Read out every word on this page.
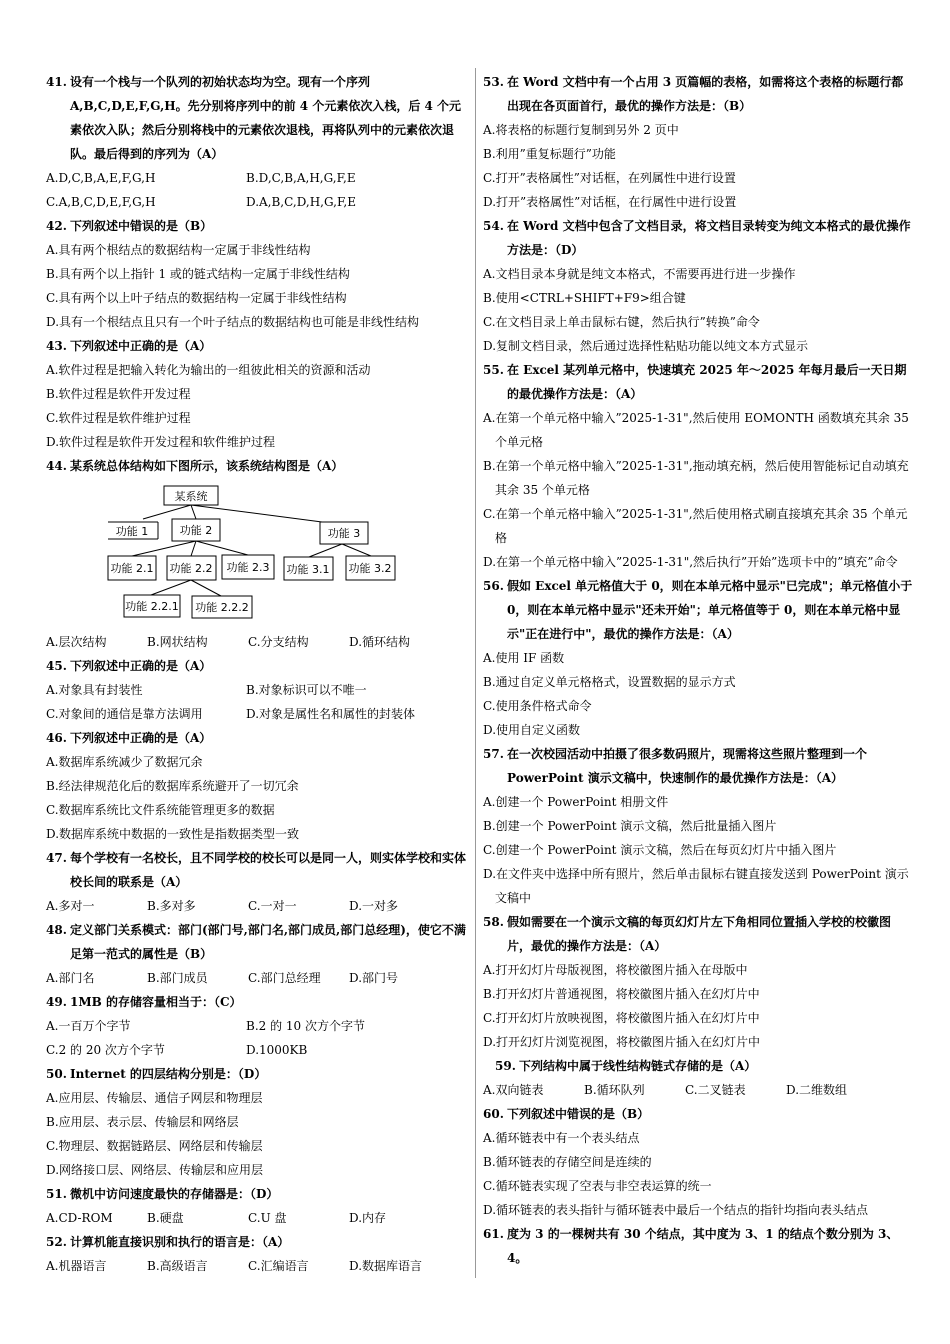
41. 设有一个栈与一个队列的初始状态均为空。现有一个序列 A,B,C,D,E,F,G,H。先分别将序列中的前 4 个元素依次入栈，后 4 个元素依次入队；然后分别将栈中的元素依次退栈，再将队列中的元素依次退队。最后得到的序列为（A）
A.D,C,B,A,E,F,G,H	B.D,C,B,A,H,G,F,E
C.A,B,C,D,E,F,G,H	D.A,B,C,D,H,G,F,E
42. 下列叙述中错误的是（B）
A.具有两个根结点的数据结构一定属于非线性结构
B.具有两个以上指针 1 或的链式结构一定属于非线性结构
C.具有两个以上叶子结点的数据结构一定属于非线性结构
D.具有一个根结点且只有一个叶子结点的数据结构也可能是非线性结构
43. 下列叙述中正确的是（A）
A.软件过程是把输入转化为输出的一组彼此相关的资源和活动
B.软件过程是软件开发过程
C.软件过程是软件维护过程
D.软件过程是软件开发过程和软件维护过程
44. 某系统总体结构如下图所示，该系统结构图是（A）
某系统
功能 1	功能 2	功能 3
功能 2.1 功能 2.2 功能 2.3 功能 3.1 功能 3.2
功能 2.2.1 功能 2.2.2
A.层次结构	B.网状结构	C.分支结构	D.循环结构
45. 下列叙述中正确的是（A）
A.对象具有封装性	B.对象标识可以不唯一
C.对象间的通信是靠方法调用	D.对象是属性名和属性的封装体
46. 下列叙述中正确的是（A）
A.数据库系统减少了数据冗余
B.经法律规范化后的数据库系统避开了一切冗余
C.数据库系统比文件系统能管理更多的数据
D.数据库系统中数据的一致性是指数据类型一致
47. 每个学校有一名校长，且不同学校的校长可以是同一人，则实体学校和实体校长间的联系是（A）
A.多对一	B.多对多	C.一对一	D.一对多
48. 定义部门关系模式：部门(部门号,部门名,部门成员,部门总经理)，使它不满足第一范式的属性是（B）
A.部门名	B.部门成员	C.部门总经理	D.部门号
49. 1MB 的存储容量相当于：（C）
A.一百万个字节	B.2 的 10 次方个字节
C.2 的 20 次方个字节	D.1000KB
50. Internet 的四层结构分别是：（D）
A.应用层、传输层、通信子网层和物理层
B.应用层、表示层、传输层和网络层
C.物理层、数据链路层、网络层和传输层
D.网络接口层、网络层、传输层和应用层
51. 微机中访问速度最快的存储器是：（D）
A.CD-ROM	B.硬盘	C.U 盘	D.内存
52. 计算机能直接识别和执行的语言是：（A）
A.机器语言	B.高级语言	C.汇编语言	D.数据库语言
53. 在 Word 文档中有一个占用 3 页篇幅的表格，如需将这个表格的标题行都出现在各页面首行，最优的操作方法是：（B）
A.将表格的标题行复制到另外 2 页中
B.利用”重复标题行”功能
C.打开”表格属性”对话框，在列属性中进行设置
D.打开”表格属性”对话框，在行属性中进行设置
54. 在 Word 文档中包含了文档目录，将文档目录转变为纯文本格式的最优操作方法是：（D）
A.文档目录本身就是纯文本格式，不需要再进行进一步操作
B.使用<CTRL+SHIFT+F9>组合键
C.在文档目录上单击鼠标右键，然后执行”转换”命令
D.复制文档目录，然后通过选择性粘贴功能以纯文本方式显示
55. 在 Excel 某列单元格中，快速填充 2025 年～2025 年每月最后一天日期的最优操作方法是：（A）
A.在第一个单元格中输入”2025-1-31",然后使用 EOMONTH 函数填充其余 35 个单元格
B.在第一个单元格中输入”2025-1-31",拖动填充柄，然后使用智能标记自动填充其余 35 个单元格
C.在第一个单元格中输入”2025-1-31",然后使用格式刷直接填充其余 35 个单元格
D.在第一个单元格中输入”2025-1-31",然后执行”开始”选项卡中的”填充”命令
56. 假如 Excel 单元格值大于 0，则在本单元格中显示"已完成"；单元格值小于 0，则在本单元格中显示"还未开始"；单元格值等于 0，则在本单元格中显示"正在进行中"，最优的操作方法是：（A）
A.使用 IF 函数
B.通过自定义单元格格式，设置数据的显示方式
C.使用条件格式命令
D.使用自定义函数
57. 在一次校园活动中拍摄了很多数码照片，现需将这些照片整理到一个 PowerPoint 演示文稿中，快速制作的最优操作方法是：（A）
A.创建一个 PowerPoint 相册文件
B.创建一个 PowerPoint 演示文稿，然后批量插入图片
C.创建一个 PowerPoint 演示文稿，然后在每页幻灯片中插入图片
D.在文件夹中选择中所有照片，然后单击鼠标右键直接发送到 PowerPoint 演示文稿中
58. 假如需要在一个演示文稿的每页幻灯片左下角相同位置插入学校的校徽图片，最优的操作方法是：（A）
A.打开幻灯片母版视图，将校徽图片插入在母版中
B.打开幻灯片普通视图，将校徽图片插入在幻灯片中
C.打开幻灯片放映视图，将校徽图片插入在幻灯片中
D.打开幻灯片浏览视图，将校徽图片插入在幻灯片中
59. 下列结构中属于线性结构链式存储的是（A）
A.双向链表	B.循环队列	C.二叉链表	D.二维数组
60. 下列叙述中错误的是（B）
A.循环链表中有一个表头结点
B.循环链表的存储空间是连续的
C.循环链表实现了空表与非空表运算的统一
D.循环链表的表头指针与循环链表中最后一个结点的指针均指向表头结点
61. 度为 3 的一棵树共有 30 个结点，其中度为 3、1 的结点个数分别为 3、4。
